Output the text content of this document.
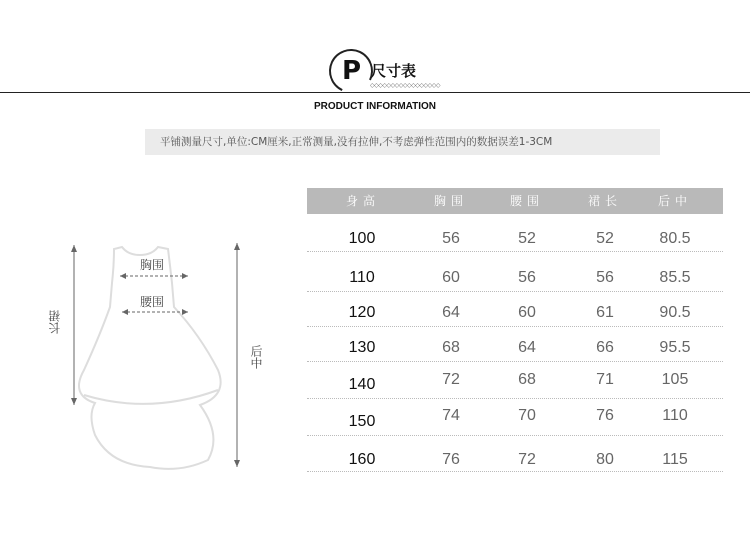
P 尺寸表
◇◇◇◇◇◇◇◇◇◇◇◇◇◇◇◇◇
PRODUCT INFORMATION
平铺测量尺寸,单位:CM厘米,正常测量,没有拉伸,不考虑弹性范围内的数据误差1-3CM
胸围
腰围
长裙
后中
身高	胸围	腰围	裙长	后中
100	56	52	52	80.5
110	60	56	56	85.5
120	64	60	61	90.5
130	68	64	66	95.5
140	72	68	71	105
150	74	70	76	110
160	76	72	80	115
